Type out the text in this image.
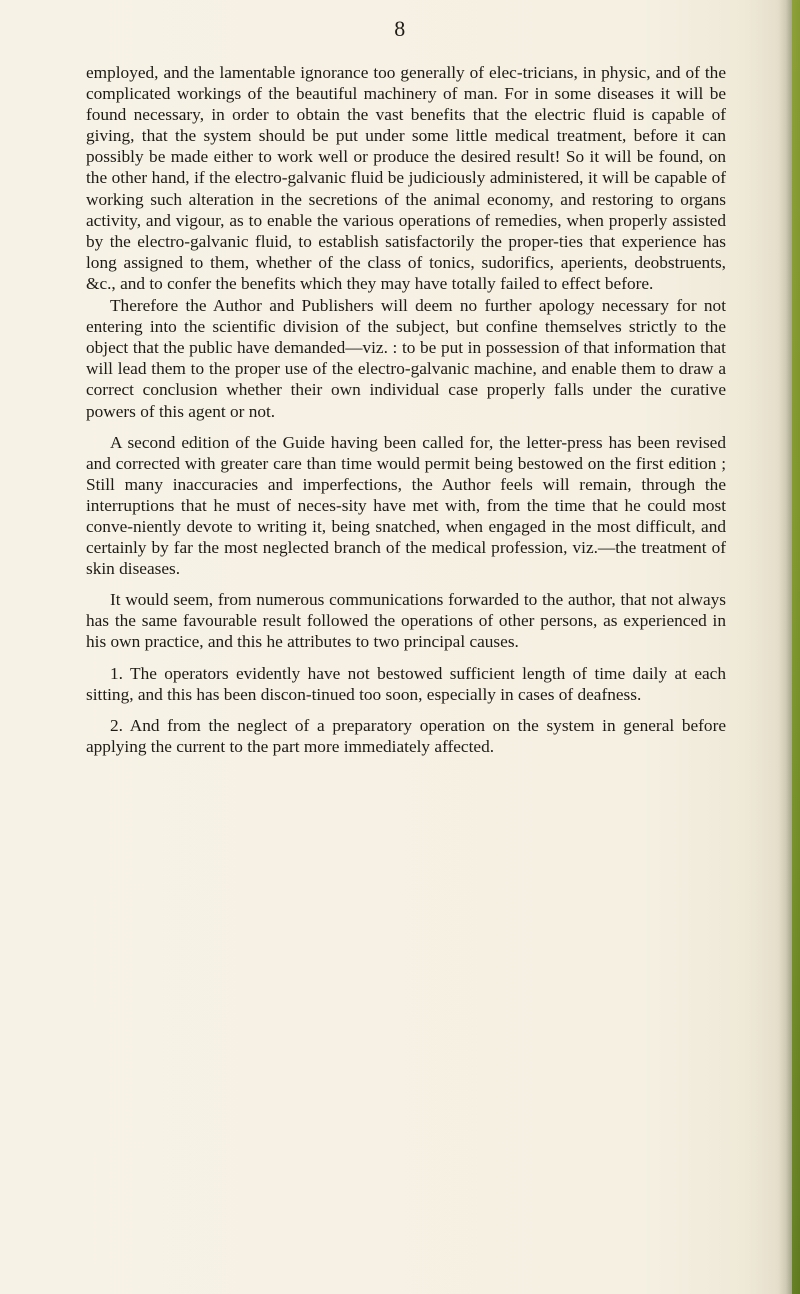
8

employed, and the lamentable ignorance too generally of elec-tricians, in physic, and of the complicated workings of the beautiful machinery of man. For in some diseases it will be found necessary, in order to obtain the vast benefits that the electric fluid is capable of giving, that the system should be put under some little medical treatment, before it can possibly be made either to work well or produce the desired result! So it will be found, on the other hand, if the electro-galvanic fluid be judiciously administered, it will be capable of working such alteration in the secretions of the animal economy, and restoring to organs activity, and vigour, as to enable the various operations of remedies, when properly assisted by the electro-galvanic fluid, to establish satisfactorily the proper-ties that experience has long assigned to them, whether of the class of tonics, sudorifics, aperients, deobstruents, &c., and to confer the benefits which they may have totally failed to effect before.

Therefore the Author and Publishers will deem no further apology necessary for not entering into the scientific division of the subject, but confine themselves strictly to the object that the public have demanded—viz. : to be put in possession of that information that will lead them to the proper use of the electro-galvanic machine, and enable them to draw a correct conclusion whether their own individual case properly falls under the curative powers of this agent or not.

A second edition of the Guide having been called for, the letter-press has been revised and corrected with greater care than time would permit being bestowed on the first edition ; Still many inaccuracies and imperfections, the Author feels will remain, through the interruptions that he must of neces-sity have met with, from the time that he could most conve-niently devote to writing it, being snatched, when engaged in the most difficult, and certainly by far the most neglected branch of the medical profession, viz.—the treatment of skin diseases.

It would seem, from numerous communications forwarded to the author, that not always has the same favourable result followed the operations of other persons, as experienced in his own practice, and this he attributes to two principal causes.

1. The operators evidently have not bestowed sufficient length of time daily at each sitting, and this has been discon-tinued too soon, especially in cases of deafness.

2. And from the neglect of a preparatory operation on the system in general before applying the current to the part more immediately affected.
